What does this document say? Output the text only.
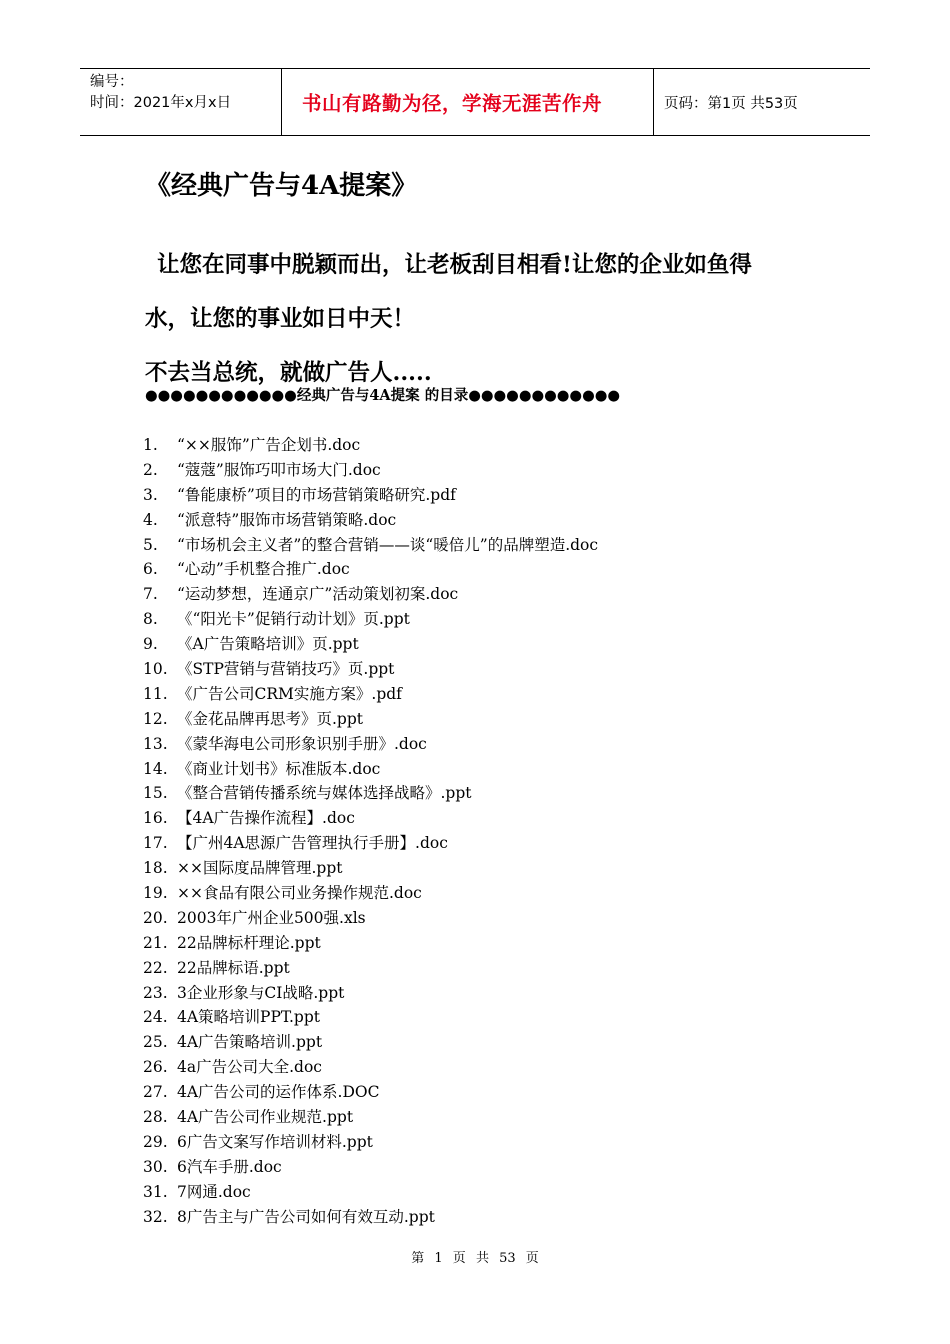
编号：
时间：2021年x月x日	书山有路勤为径，学海无涯苦作舟	页码：第1页 共53页
《经典广告与4A提案》

让您在同事中脱颖而出，让老板刮目相看!让您的企业如鱼得

水，让您的事业如日中天！

不去当总统，就做广告人.....

●●●●●●●●●●●●经典广告与4A提案 的目录●●●●●●●●●●●●
1.	“××服饰”广告企划书.doc
2.	“蔻蔻”服饰巧叩市场大门.doc
3.	“鲁能康桥”项目的市场营销策略研究.pdf
4.	“派意特”服饰市场营销策略.doc
5.	“市场机会主义者”的整合营销——谈“暖倍儿”的品牌塑造.doc
6.	“心动”手机整合推广.doc
7.	“运动梦想，连通京广”活动策划初案.doc
8.	《“阳光卡”促销行动计划》页.ppt
9.	《A广告策略培训》页.ppt
10. 《STP营销与营销技巧》页.ppt
11. 《广告公司CRM实施方案》.pdf
12. 《金花品牌再思考》页.ppt
13. 《蒙华海电公司形象识别手册》.doc
14. 《商业计划书》标准版本.doc
15. 《整合营销传播系统与媒体选择战略》.ppt
16. 【4A广告操作流程】.doc
17. 【广州4A思源广告管理执行手册】.doc
18. ××国际度品牌管理.ppt
19. ××食品有限公司业务操作规范.doc
20. 2003年广州企业500强.xls
21. 22品牌标杆理论.ppt
22. 22品牌标语.ppt
23. 3企业形象与CI战略.ppt
24. 4A策略培训PPT.ppt
25. 4A广告策略培训.ppt
26. 4a广告公司大全.doc
27. 4A广告公司的运作体系.DOC
28. 4A广告公司作业规范.ppt
29. 6广告文案写作培训材料.ppt
30. 6汽车手册.doc
31. 7网通.doc
32. 8广告主与广告公司如何有效互动.ppt
第 1 页 共 53 页
